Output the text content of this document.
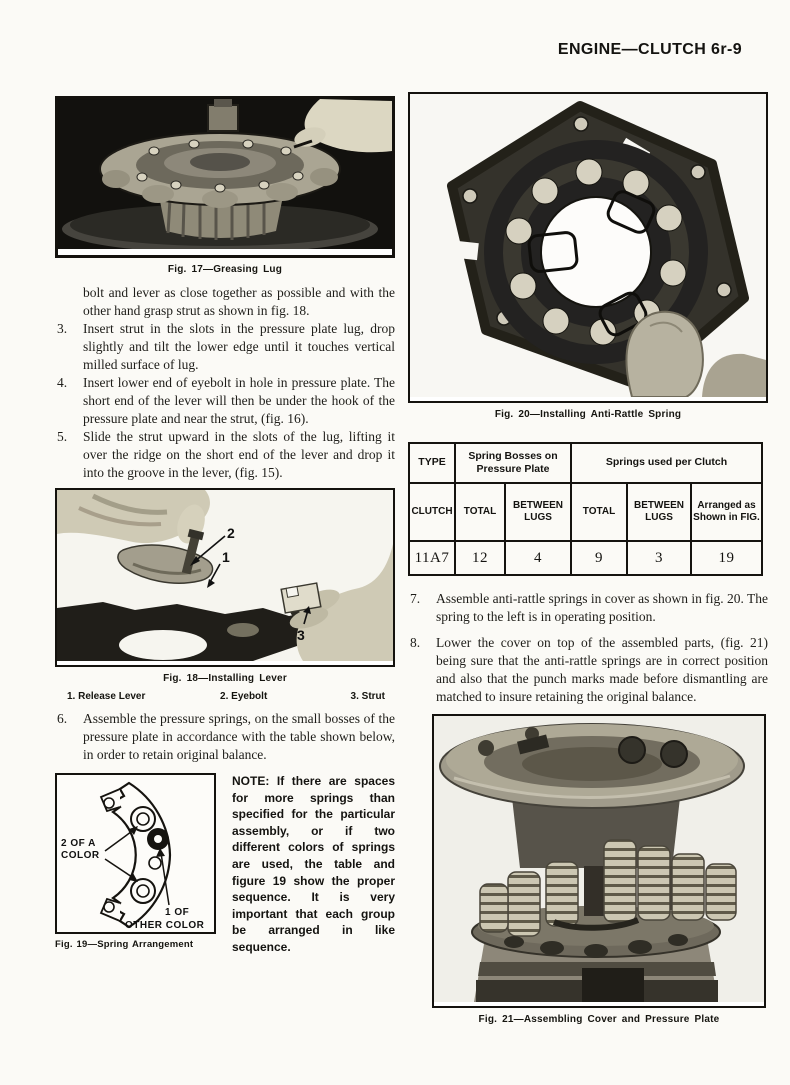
ENGINE—CLUTCH 6r-9
Fig. 17—Greasing Lug
bolt and lever as close together as possible and with the other hand grasp strut as shown in fig. 18.
3. Insert strut in the slots in the pressure plate lug, drop slightly and tilt the lower edge until it touches vertical milled surface of lug.
4. Insert lower end of eyebolt in hole in pressure plate. The short end of the lever will then be under the hook of the pressure plate and near the strut, (fig. 16).
5. Slide the strut upward in the slots of the lug, lifting it over the ridge on the short end of the lever and drop it into the groove in the lever, (fig. 15).
2
1
3
Fig. 18—Installing Lever
1. Release Lever	2. Eyebolt	3. Strut
6. Assemble the pressure springs, on the small bosses of the pressure plate in accordance with the table shown below, in order to retain original balance.
2 OF A
COLOR
1 OF
OTHER COLOR
Fig. 19—Spring Arrangement

NOTE: If there are spaces for more springs than specified for the particular assembly, or if two different colors of springs are used, the table and figure 19 show the proper sequence. It is very important that each group be arranged in like sequence.

Fig. 20—Installing Anti-Rattle Spring
TYPE	Spring Bosses on Pressure Plate		Springs used per Clutch		
CLUTCH	TOTAL	BETWEEN LUGS	TOTAL	BETWEEN LUGS	Arranged as Shown in FIG.
11A7	12	4	9	3	19
7. Assemble anti-rattle springs in cover as shown in fig. 20. The spring to the left is in operating position.
8. Lower the cover on top of the assembled parts, (fig. 21) being sure that the anti-rattle springs are in correct position and also that the punch marks made before dismantling are matched to insure retaining the original balance.
Fig. 21—Assembling Cover and Pressure Plate
